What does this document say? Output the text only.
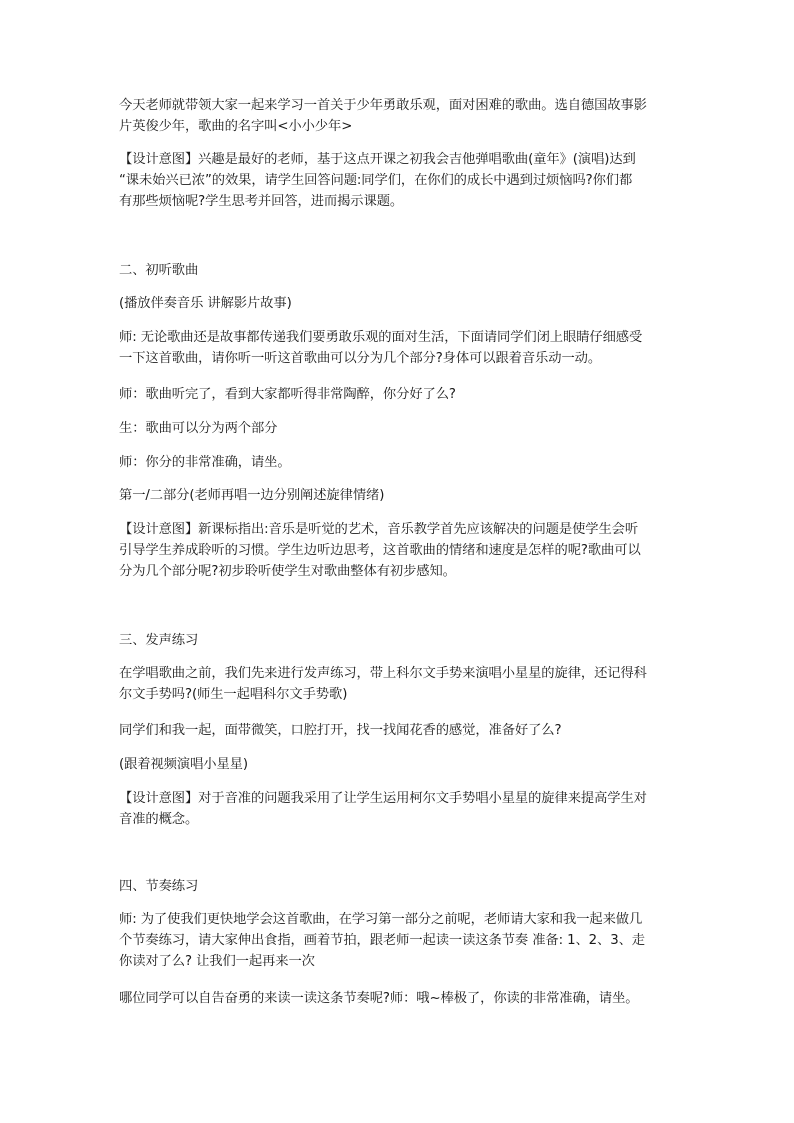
今天老师就带领大家一起来学习一首关于少年勇敢乐观，面对困难的歌曲。选自德国故事影
片英俊少年，歌曲的名字叫<小小少年>
【设计意图】兴趣是最好的老师，基于这点开课之初我会吉他弹唱歌曲(童年》(演唱)达到
“课未始兴已浓”的效果，请学生回答问题:同学们，在你们的成长中遇到过烦恼吗?你们都
有那些烦恼呢?学生思考并回答，进而揭示课题。
二、初听歌曲
(播放伴奏音乐 讲解影片故事)
师: 无论歌曲还是故事都传递我们要勇敢乐观的面对生活，下面请同学们闭上眼睛仔细感受
一下这首歌曲，请你听一听这首歌曲可以分为几个部分?身体可以跟着音乐动一动。
师：歌曲听完了，看到大家都听得非常陶醉，你分好了么?
生：歌曲可以分为两个部分
师：你分的非常准确，请坐。
第一/二部分(老师再唱一边分别阐述旋律情绪)
【设计意图】新课标指出:音乐是听觉的艺术，音乐教学首先应该解决的问题是使学生会听
引导学生养成聆听的习惯。学生边听边思考，这首歌曲的情绪和速度是怎样的呢?歌曲可以
分为几个部分呢?初步聆听使学生对歌曲整体有初步感知。
三、发声练习
在学唱歌曲之前，我们先来进行发声练习，带上科尔文手势来演唱小星星的旋律，还记得科
尔文手势吗?(师生一起唱科尔文手势歌)
同学们和我一起，面带微笑，口腔打开，找一找闻花香的感觉，准备好了么?
(跟着视频演唱小星星)
【设计意图】对于音准的问题我采用了让学生运用柯尔文手势唱小星星的旋律来提高学生对
音准的概念。
四、节奏练习
师: 为了使我们更快地学会这首歌曲，在学习第一部分之前呢，老师请大家和我一起来做几
个节奏练习，请大家伸出食指，画着节拍，跟老师一起读一读这条节奏 准备: 1、2、3、走
你读对了么? 让我们一起再来一次
哪位同学可以自告奋勇的来读一读这条节奏呢?师：哦~棒极了，你读的非常准确，请坐。
